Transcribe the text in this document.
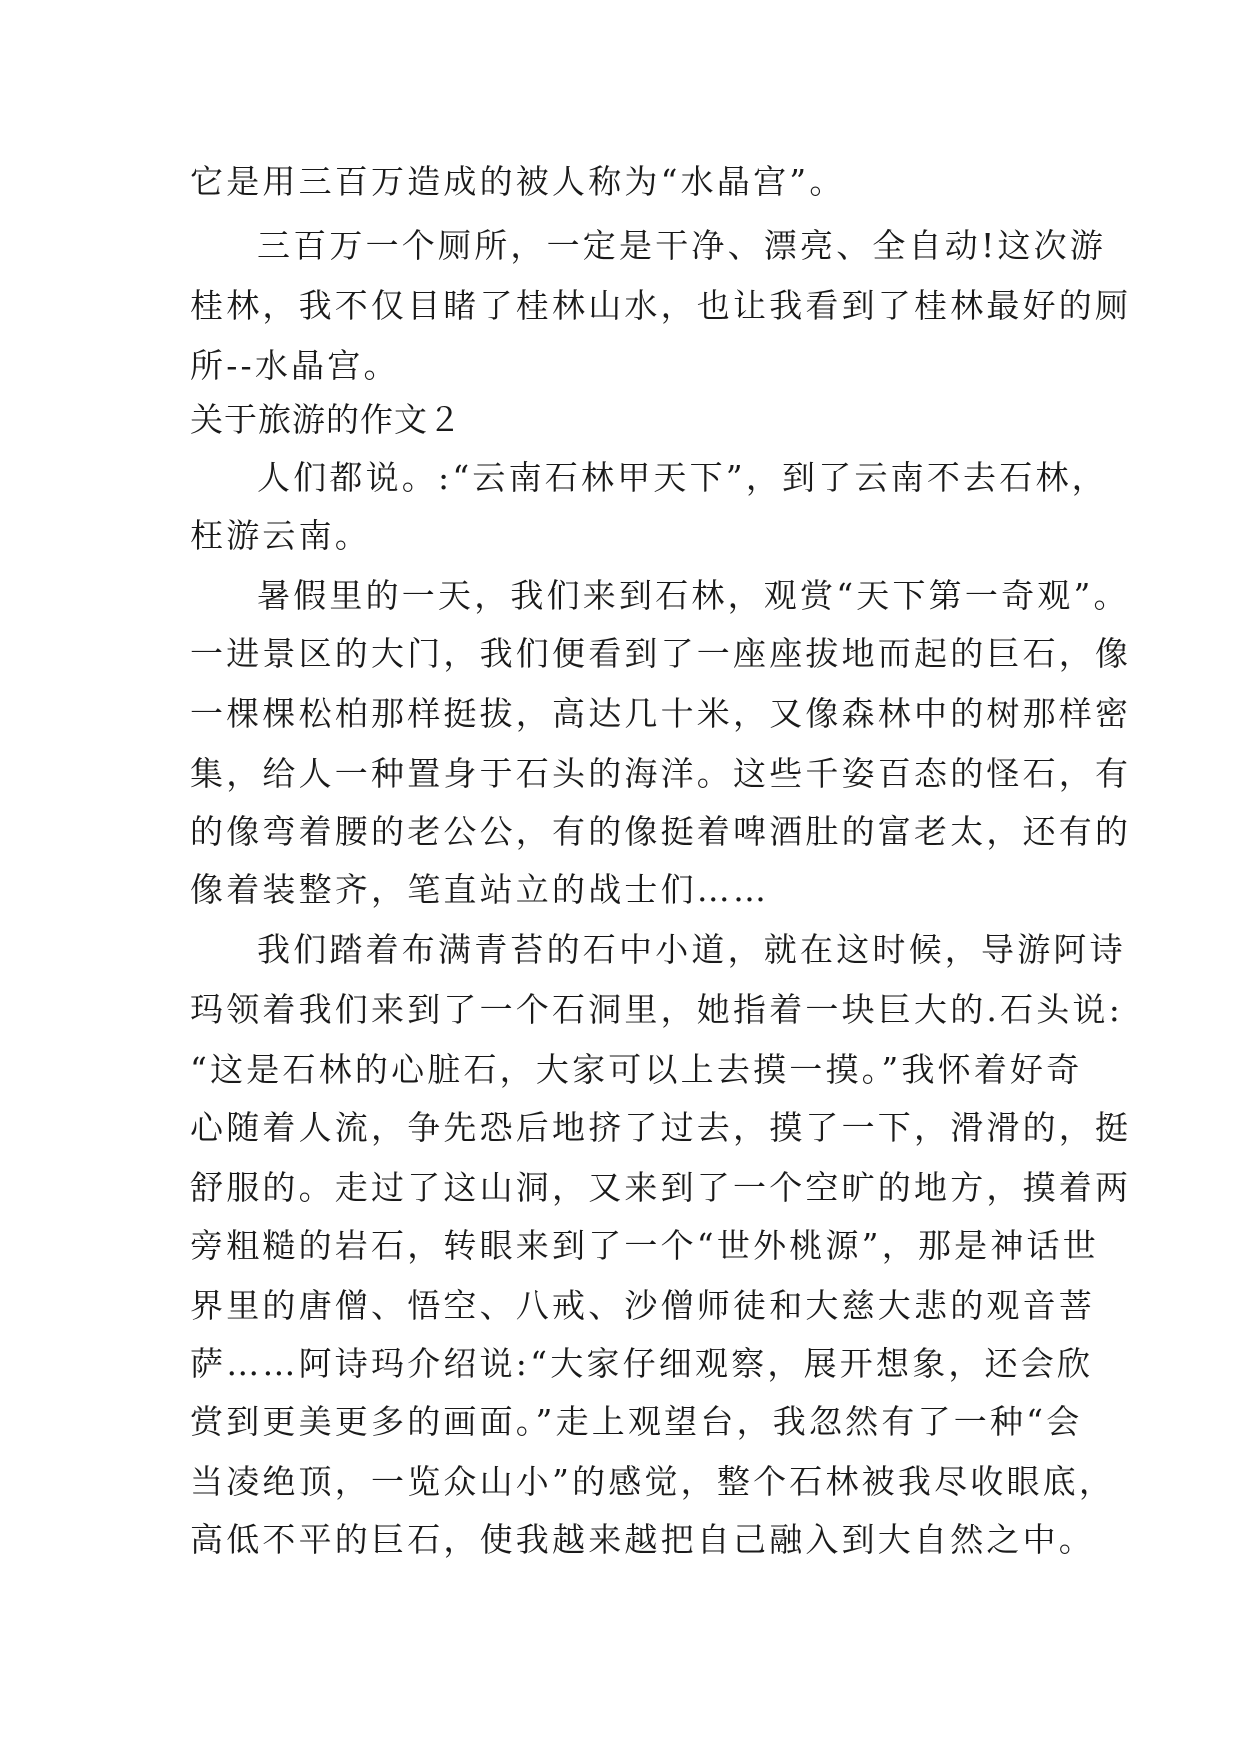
它是用三百万造成的被人称为“水晶宫”。
三百万一个厕所，一定是干净、漂亮、全自动!这次游
桂林，我不仅目睹了桂林山水，也让我看到了桂林最好的厕
所--水晶宫。
关于旅游的作文２
人们都说。:“云南石林甲天下”，到了云南不去石林，
枉游云南。
暑假里的一天，我们来到石林，观赏“天下第一奇观”。
一进景区的大门，我们便看到了一座座拔地而起的巨石，像
一棵棵松柏那样挺拔，高达几十米，又像森林中的树那样密
集，给人一种置身于石头的海洋。这些千姿百态的怪石，有
的像弯着腰的老公公，有的像挺着啤酒肚的富老太，还有的
像着装整齐，笔直站立的战士们……
我们踏着布满青苔的石中小道，就在这时候，导游阿诗
玛领着我们来到了一个石洞里，她指着一块巨大的.石头说:
“这是石林的心脏石，大家可以上去摸一摸。”我怀着好奇
心随着人流，争先恐后地挤了过去，摸了一下，滑滑的，挺
舒服的。走过了这山洞，又来到了一个空旷的地方，摸着两
旁粗糙的岩石，转眼来到了一个“世外桃源”，那是神话世
界里的唐僧、悟空、八戒、沙僧师徒和大慈大悲的观音菩
萨……阿诗玛介绍说:“大家仔细观察，展开想象，还会欣
赏到更美更多的画面。”走上观望台，我忽然有了一种“会
当凌绝顶，一览众山小”的感觉，整个石林被我尽收眼底，
高低不平的巨石，使我越来越把自己融入到大自然之中。
